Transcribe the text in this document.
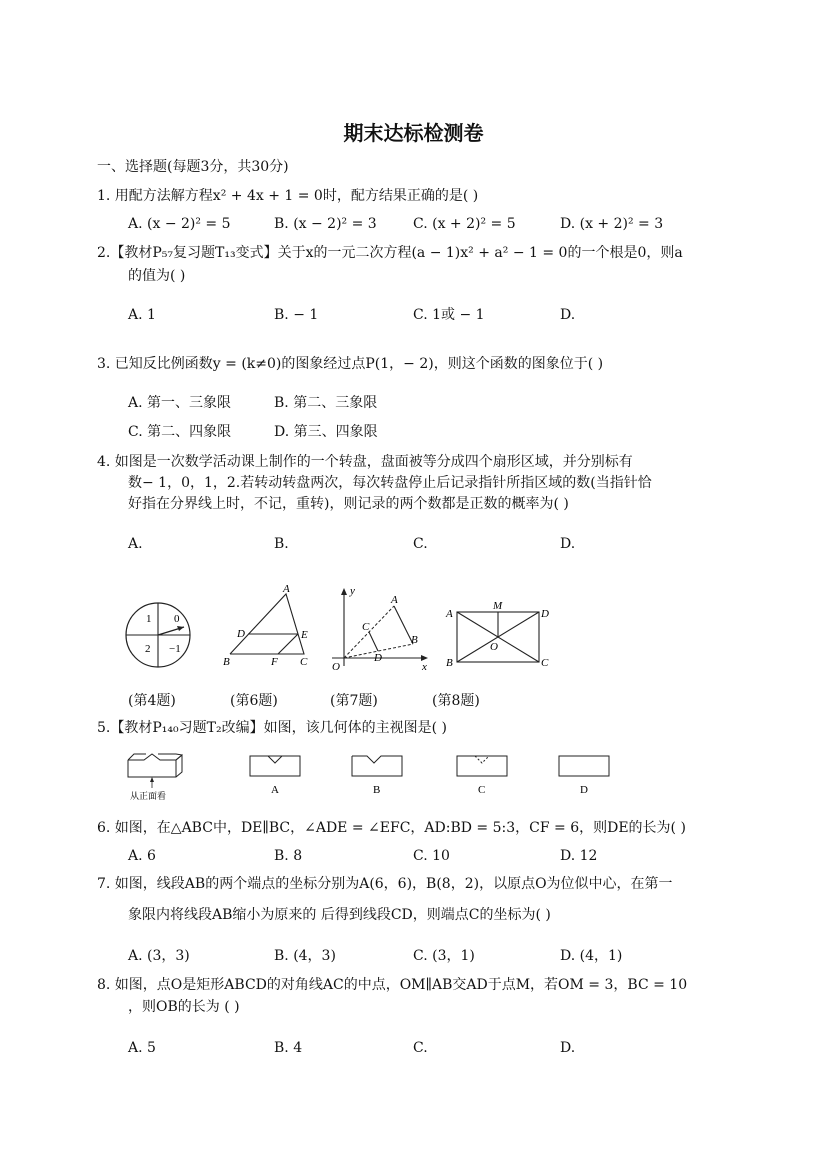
期末达标检测卷
一、选择题(每题3分，共30分)
1. 用配方法解方程x² + 4x + 1 = 0时，配方结果正确的是( )
A. (x − 2)² = 5	B. (x − 2)² = 3	C. (x + 2)² = 5	D. (x + 2)² = 3
2.【教材P₅₇复习题T₁₃变式】关于x的一元二次方程(a − 1)x² + a² − 1 = 0的一个根是0，则a
的值为( )
A. 1	B. − 1	C. 1或 − 1	D.
3. 已知反比例函数y = (k≠0)的图象经过点P(1，− 2)，则这个函数的图象位于( )
A. 第一、三象限	B. 第二、三象限
C. 第二、四象限	D. 第三、四象限
4. 如图是一次数学活动课上制作的一个转盘，盘面被等分成四个扇形区域，并分别标有
数− 1，0，1，2.若转动转盘两次，每次转盘停止后记录指针所指区域的数(当指针恰
好指在分界线上时，不记，重转)，则记录的两个数都是正数的概率为( )
A.	B.	C.	D.
1 0
2 −1
A
B	C
D	E
F
y
x
O
A
B
C
D
A
M
D
B
O
C
(第4题)	(第6题)	(第7题)	(第8题)
5.【教材P₁₄₀习题T₂改编】如图，该几何体的主视图是( )
从正面看	A	B	C	D
6. 如图，在△ABC中，DE∥BC，∠ADE = ∠EFC，AD:BD = 5:3，CF = 6，则DE的长为( )
A. 6	B. 8	C. 10	D. 12
7. 如图，线段AB的两个端点的坐标分别为A(6，6)，B(8，2)，以原点O为位似中心，在第一
象限内将线段AB缩小为原来的 后得到线段CD，则端点C的坐标为( )
A. (3，3)	B. (4，3)	C. (3，1)	D. (4，1)
8. 如图，点O是矩形ABCD的对角线AC的中点，OM∥AB交AD于点M，若OM = 3，BC = 10
，则OB的长为 ( )
A. 5	B. 4	C.	D.
